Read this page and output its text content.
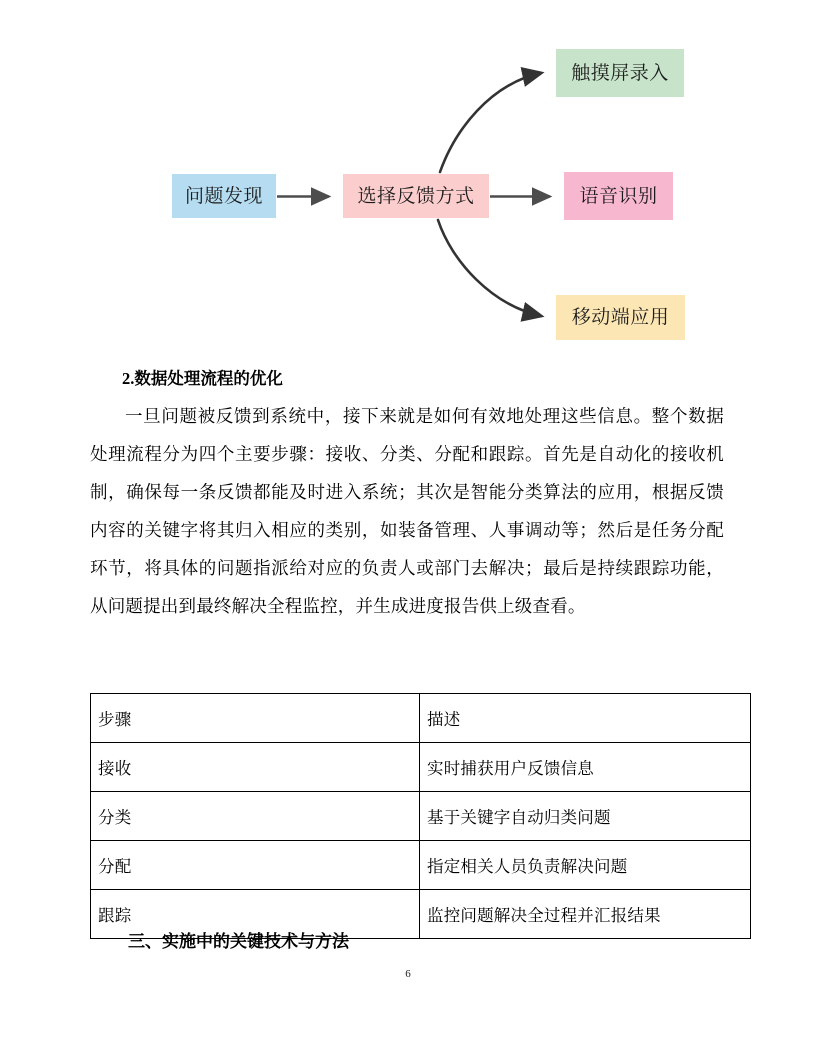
问题发现	选择反馈方式
触摸屏录入
语音识别
移动端应用

2.数据处理流程的优化

一旦问题被反馈到系统中，接下来就是如何有效地处理这些信息。整个数据处理流程分为四个主要步骤：接收、分类、分配和跟踪。首先是自动化的接收机制，确保每一条反馈都能及时进入系统；其次是智能分类算法的应用，根据反馈内容的关键字将其归入相应的类别，如装备管理、人事调动等；然后是任务分配环节，将具体的问题指派给对应的负责人或部门去解决；最后是持续跟踪功能，从问题提出到最终解决全程监控，并生成进度报告供上级查看。

步骤	描述
接收	实时捕获用户反馈信息
分类	基于关键字自动归类问题
分配	指定相关人员负责解决问题
跟踪	监控问题解决全过程并汇报结果

三、实施中的关键技术与方法

6
